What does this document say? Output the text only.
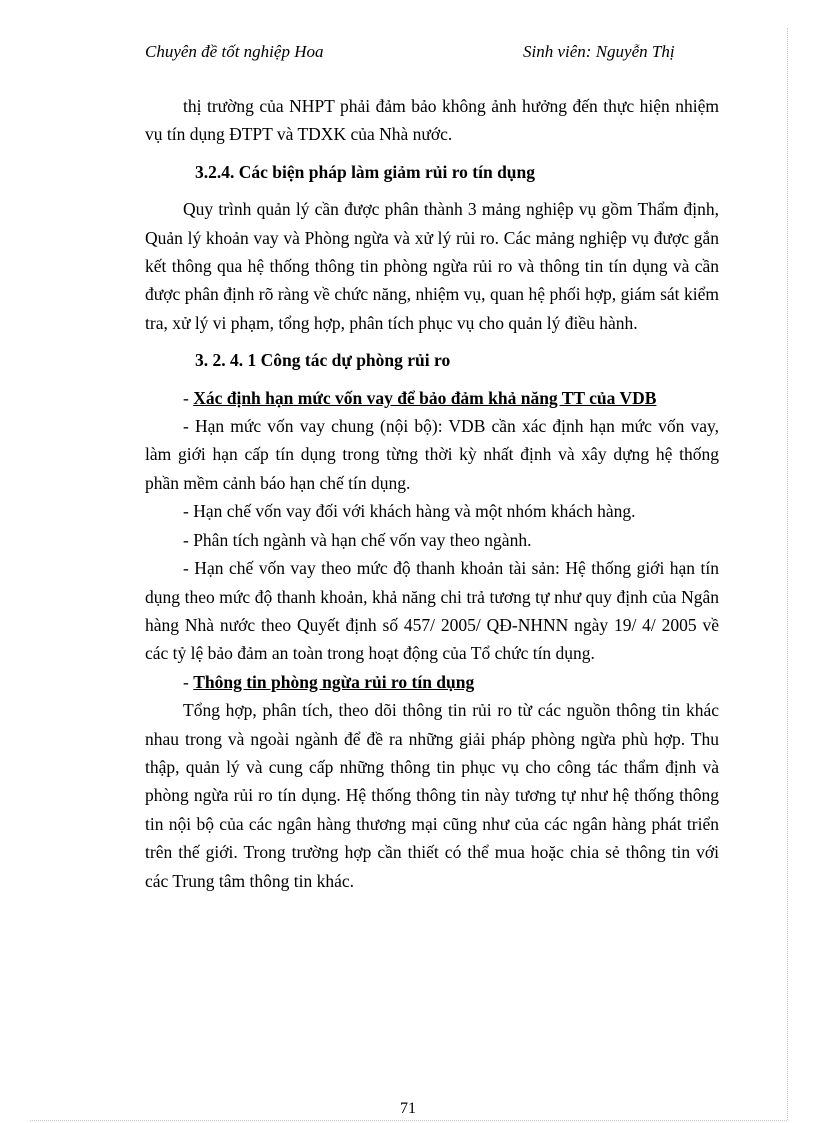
Chuyên đề tốt nghiệp Hoa	Sinh viên: Nguyễn Thị

thị trường của NHPT phải đảm bảo không ảnh hưởng đến thực hiện nhiệm vụ tín dụng ĐTPT và TDXK của Nhà nước.

3.2.4. Các biện pháp làm giảm rủi ro tín dụng

Quy trình quản lý cần được phân thành 3 mảng nghiệp vụ gồm Thẩm định, Quản lý khoản vay và Phòng ngừa và xử lý rủi ro. Các mảng nghiệp vụ được gắn kết thông qua hệ thống thông tin phòng ngừa rủi ro và thông tin tín dụng và cần được phân định rõ ràng về chức năng, nhiệm vụ, quan hệ phối hợp, giám sát kiểm tra, xử lý vi phạm, tổng hợp, phân tích phục vụ cho quản lý điều hành.

3. 2. 4. 1 Công tác dự phòng rủi ro

- Xác định hạn mức vốn vay để bảo đảm khả năng TT của VDB

- Hạn mức vốn vay chung (nội bộ): VDB cần xác định hạn mức vốn vay, làm giới hạn cấp tín dụng trong từng thời kỳ nhất định và xây dựng hệ thống phần mềm cảnh báo hạn chế tín dụng.

- Hạn chế vốn vay đối với khách hàng và một nhóm khách hàng.

- Phân tích ngành và hạn chế vốn vay theo ngành.

- Hạn chế vốn vay theo mức độ thanh khoản tài sản: Hệ thống giới hạn tín dụng theo mức độ thanh khoản, khả năng chi trả tương tự như quy định của Ngân hàng Nhà nước theo Quyết định số 457/ 2005/ QĐ-NHNN ngày 19/ 4/ 2005 về các tỷ lệ bảo đảm an toàn trong hoạt động của Tổ chức tín dụng.

- Thông tin phòng ngừa rủi ro tín dụng

Tổng hợp, phân tích, theo dõi thông tin rủi ro từ các nguồn thông tin khác nhau trong và ngoài ngành để đề ra những giải pháp phòng ngừa phù hợp. Thu thập, quản lý và cung cấp những thông tin phục vụ cho công tác thẩm định và phòng ngừa rủi ro tín dụng. Hệ thống thông tin này tương tự như hệ thống thông tin nội bộ của các ngân hàng thương mại cũng như của các ngân hàng phát triển trên thế giới. Trong trường hợp cần thiết có thể mua hoặc chia sẻ thông tin với các Trung tâm thông tin khác.

71
